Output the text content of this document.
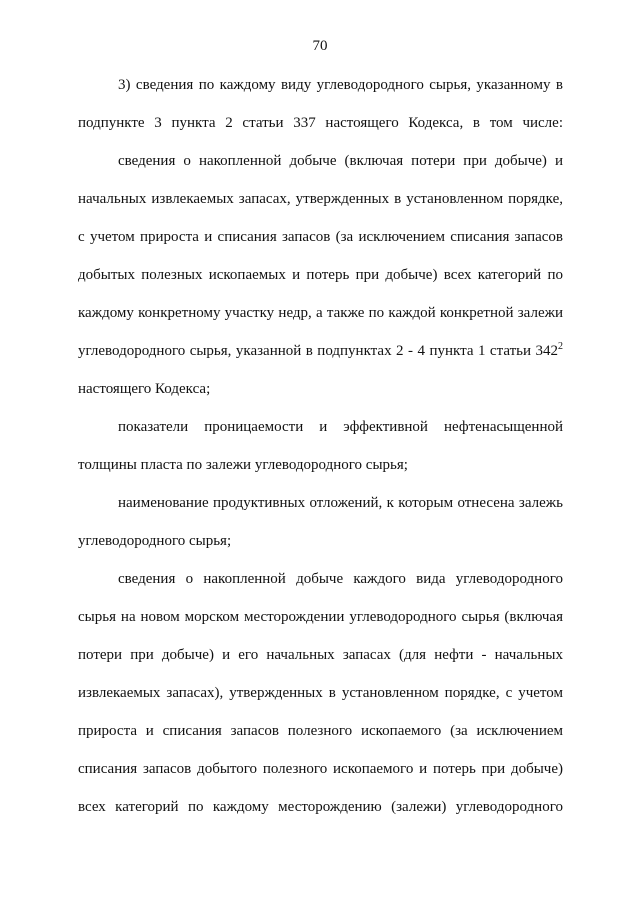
70
3) сведения по каждому виду углеводородного сырья, указанному в
подпункте 3 пункта 2 статьи 337 настоящего Кодекса, в том числе:
сведения о накопленной добыче (включая потери при добыче) и
начальных извлекаемых запасах, утвержденных в установленном порядке,
с учетом прироста и списания запасов (за исключением списания запасов
добытых полезных ископаемых и потерь при добыче) всех категорий по
каждому конкретному участку недр, а также по каждой конкретной залежи
углеводородного сырья, указанной в подпунктах 2 - 4 пункта 1 статьи $342^2$
настоящего Кодекса;
показатели проницаемости и эффективной нефтенасыщенной
толщины пласта по залежи углеводородного сырья;
наименование продуктивных отложений, к которым отнесена залежь
углеводородного сырья;
сведения о накопленной добыче каждого вида углеводородного
сырья на новом морском месторождении углеводородного сырья (включая
потери при добыче) и его начальных запасах (для нефти - начальных
извлекаемых запасах), утвержденных в установленном порядке, с учетом
прироста и списания запасов полезного ископаемого (за исключением
списания запасов добытого полезного ископаемого и потерь при добыче)
всех категорий по каждому месторождению (залежи) углеводородного
